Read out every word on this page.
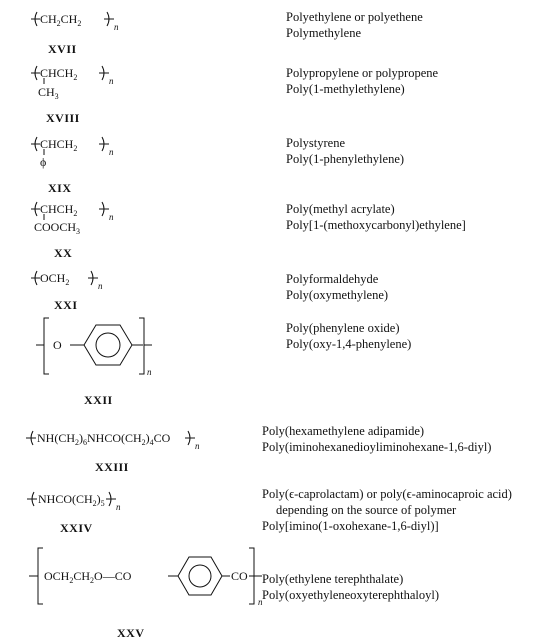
$CH_2CH_2$	n
XVII
Polyethylene or polyethene
Polymethylene
$CHCH_2$	n
$CH_3$
XVIII
Polypropylene or polypropene
Poly(1-methylethylene)
$CHCH_2$	n
ϕ
XIX
Polystyrene
Poly(1-phenylethylene)
$CHCH_2$	n
$COOCH_3$
XX
Poly(methyl acrylate)
Poly[1-(methoxycarbonyl)ethylene]
$OCH_2$	n
XXI
Polyformaldehyde
Poly(oxymethylene)
O
n
XXII
Poly(phenylene oxide)
Poly(oxy-1,4-phenylene)
$NH(CH_2)_6NHCO(CH_2)_4CO$
n
XXIII
Poly(hexamethylene adipamide)
Poly(iminohexanedioyliminohexane-1,6-diyl)
$NHCO(CH_2)_5$ n
XXIV
Poly(ϵ-caprolactam) or poly(ϵ-aminocaproic acid)
depending on the source of polymer
Poly[imino(1-oxohexane-1,6-diyl)]
$OCH_2CH_2O—CO$	CO
n
XXV
Poly(ethylene terephthalate)
Poly(oxyethyleneoxyterephthaloyl)
